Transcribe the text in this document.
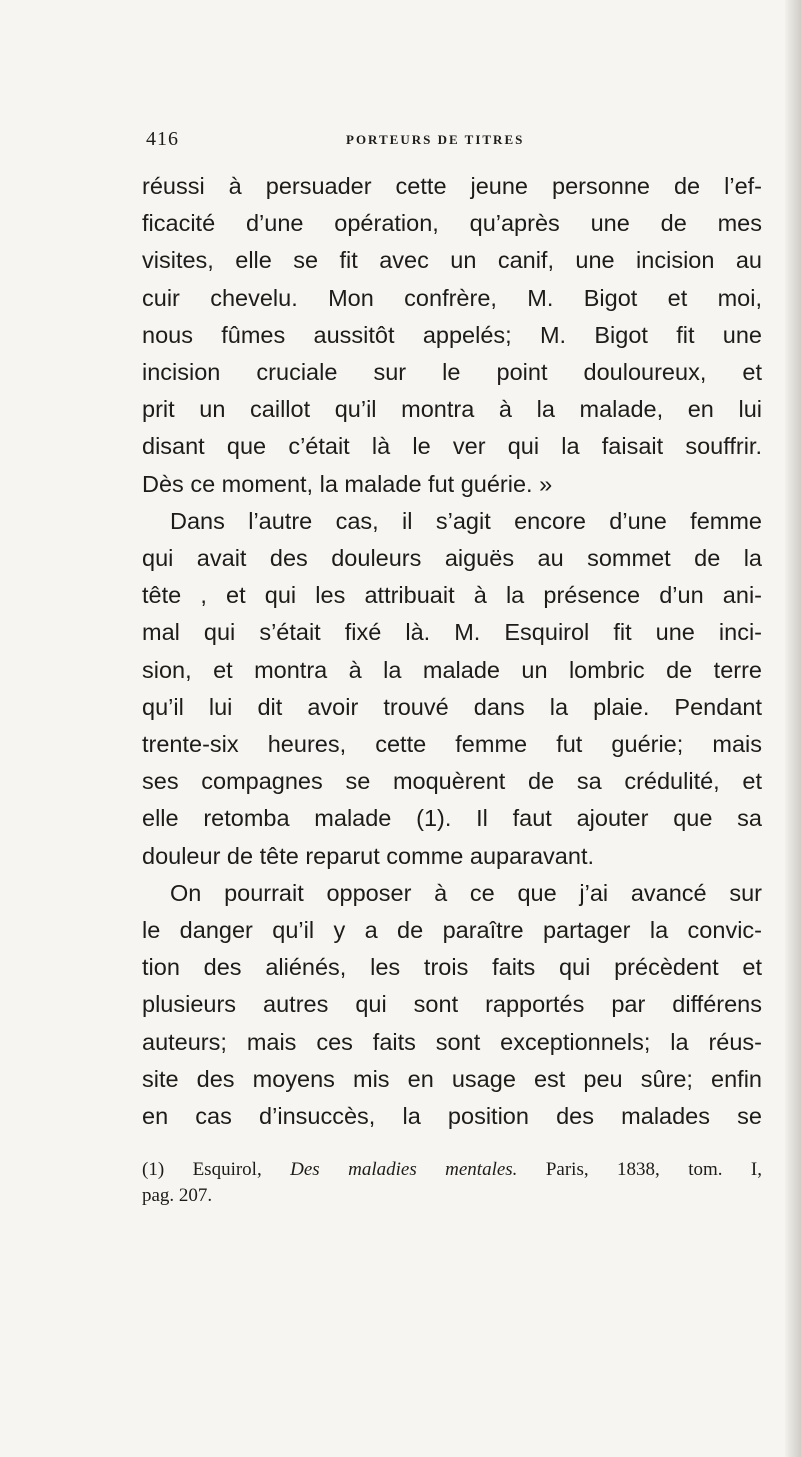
416	PORTEURS DE TITRES
réussi à persuader cette jeune personne de l’ef-
ficacité d’une opération, qu’après une de mes
visites, elle se fit avec un canif, une incision au
cuir chevelu. Mon confrère, M. Bigot et moi,
nous fûmes aussitôt appelés; M. Bigot fit une
incision cruciale sur le point douloureux, et
prit un caillot qu’il montra à la malade, en lui
disant que c’était là le ver qui la faisait souffrir.
Dès ce moment, la malade fut guérie. »
Dans l’autre cas, il s’agit encore d’une femme
qui avait des douleurs aiguës au sommet de la
tête , et qui les attribuait à la présence d’un ani-
mal qui s’était fixé là. M. Esquirol fit une inci-
sion, et montra à la malade un lombric de terre
qu’il lui dit avoir trouvé dans la plaie. Pendant
trente-six heures, cette femme fut guérie; mais
ses compagnes se moquèrent de sa crédulité, et
elle retomba malade (1). Il faut ajouter que sa
douleur de tête reparut comme auparavant.
On pourrait opposer à ce que j’ai avancé sur
le danger qu’il y a de paraître partager la convic-
tion des aliénés, les trois faits qui précèdent et
plusieurs autres qui sont rapportés par différens
auteurs; mais ces faits sont exceptionnels; la réus-
site des moyens mis en usage est peu sûre; enfin
en cas d’insuccès, la position des malades se
(1) Esquirol, Des maladies mentales. Paris, 1838, tom. I,
pag. 207.
